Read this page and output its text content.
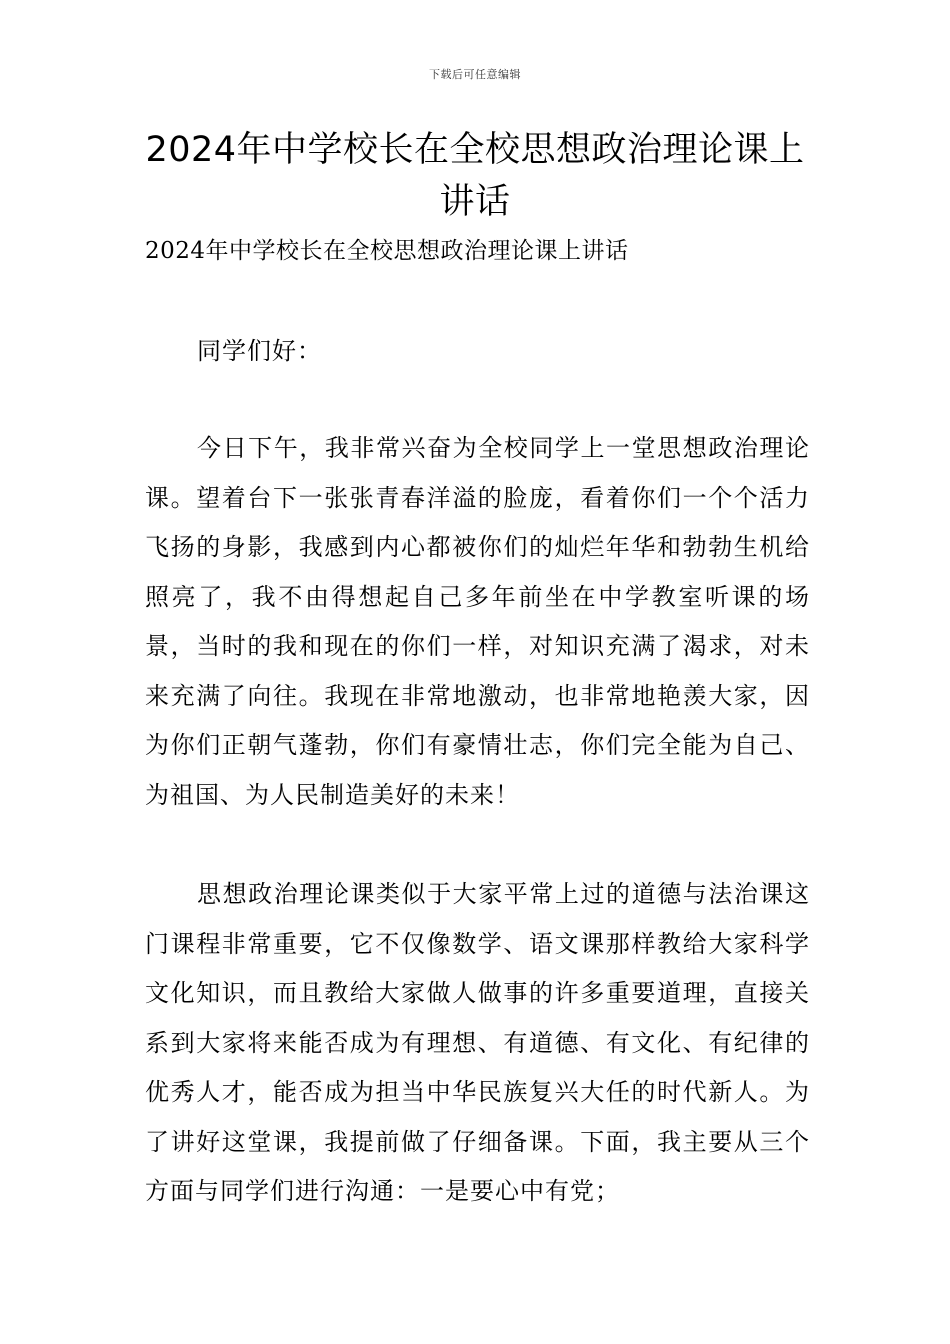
下载后可任意编辑
2024年中学校长在全校思想政治理论课上讲话

2024年中学校长在全校思想政治理论课上讲话

同学们好：

今日下午，我非常兴奋为全校同学上一堂思想政治理论课。望着台下一张张青春洋溢的脸庞，看着你们一个个活力飞扬的身影，我感到内心都被你们的灿烂年华和勃勃生机给照亮了，我不由得想起自己多年前坐在中学教室听课的场景，当时的我和现在的你们一样，对知识充满了渴求，对未来充满了向往。我现在非常地激动，也非常地艳羡大家，因为你们正朝气蓬勃，你们有豪情壮志，你们完全能为自己、为祖国、为人民制造美好的未来！

思想政治理论课类似于大家平常上过的道德与法治课这门课程非常重要，它不仅像数学、语文课那样教给大家科学文化知识，而且教给大家做人做事的许多重要道理，直接关系到大家将来能否成为有理想、有道德、有文化、有纪律的优秀人才，能否成为担当中华民族复兴大任的时代新人。为了讲好这堂课，我提前做了仔细备课。下面，我主要从三个方面与同学们进行沟通：一是要心中有党；
